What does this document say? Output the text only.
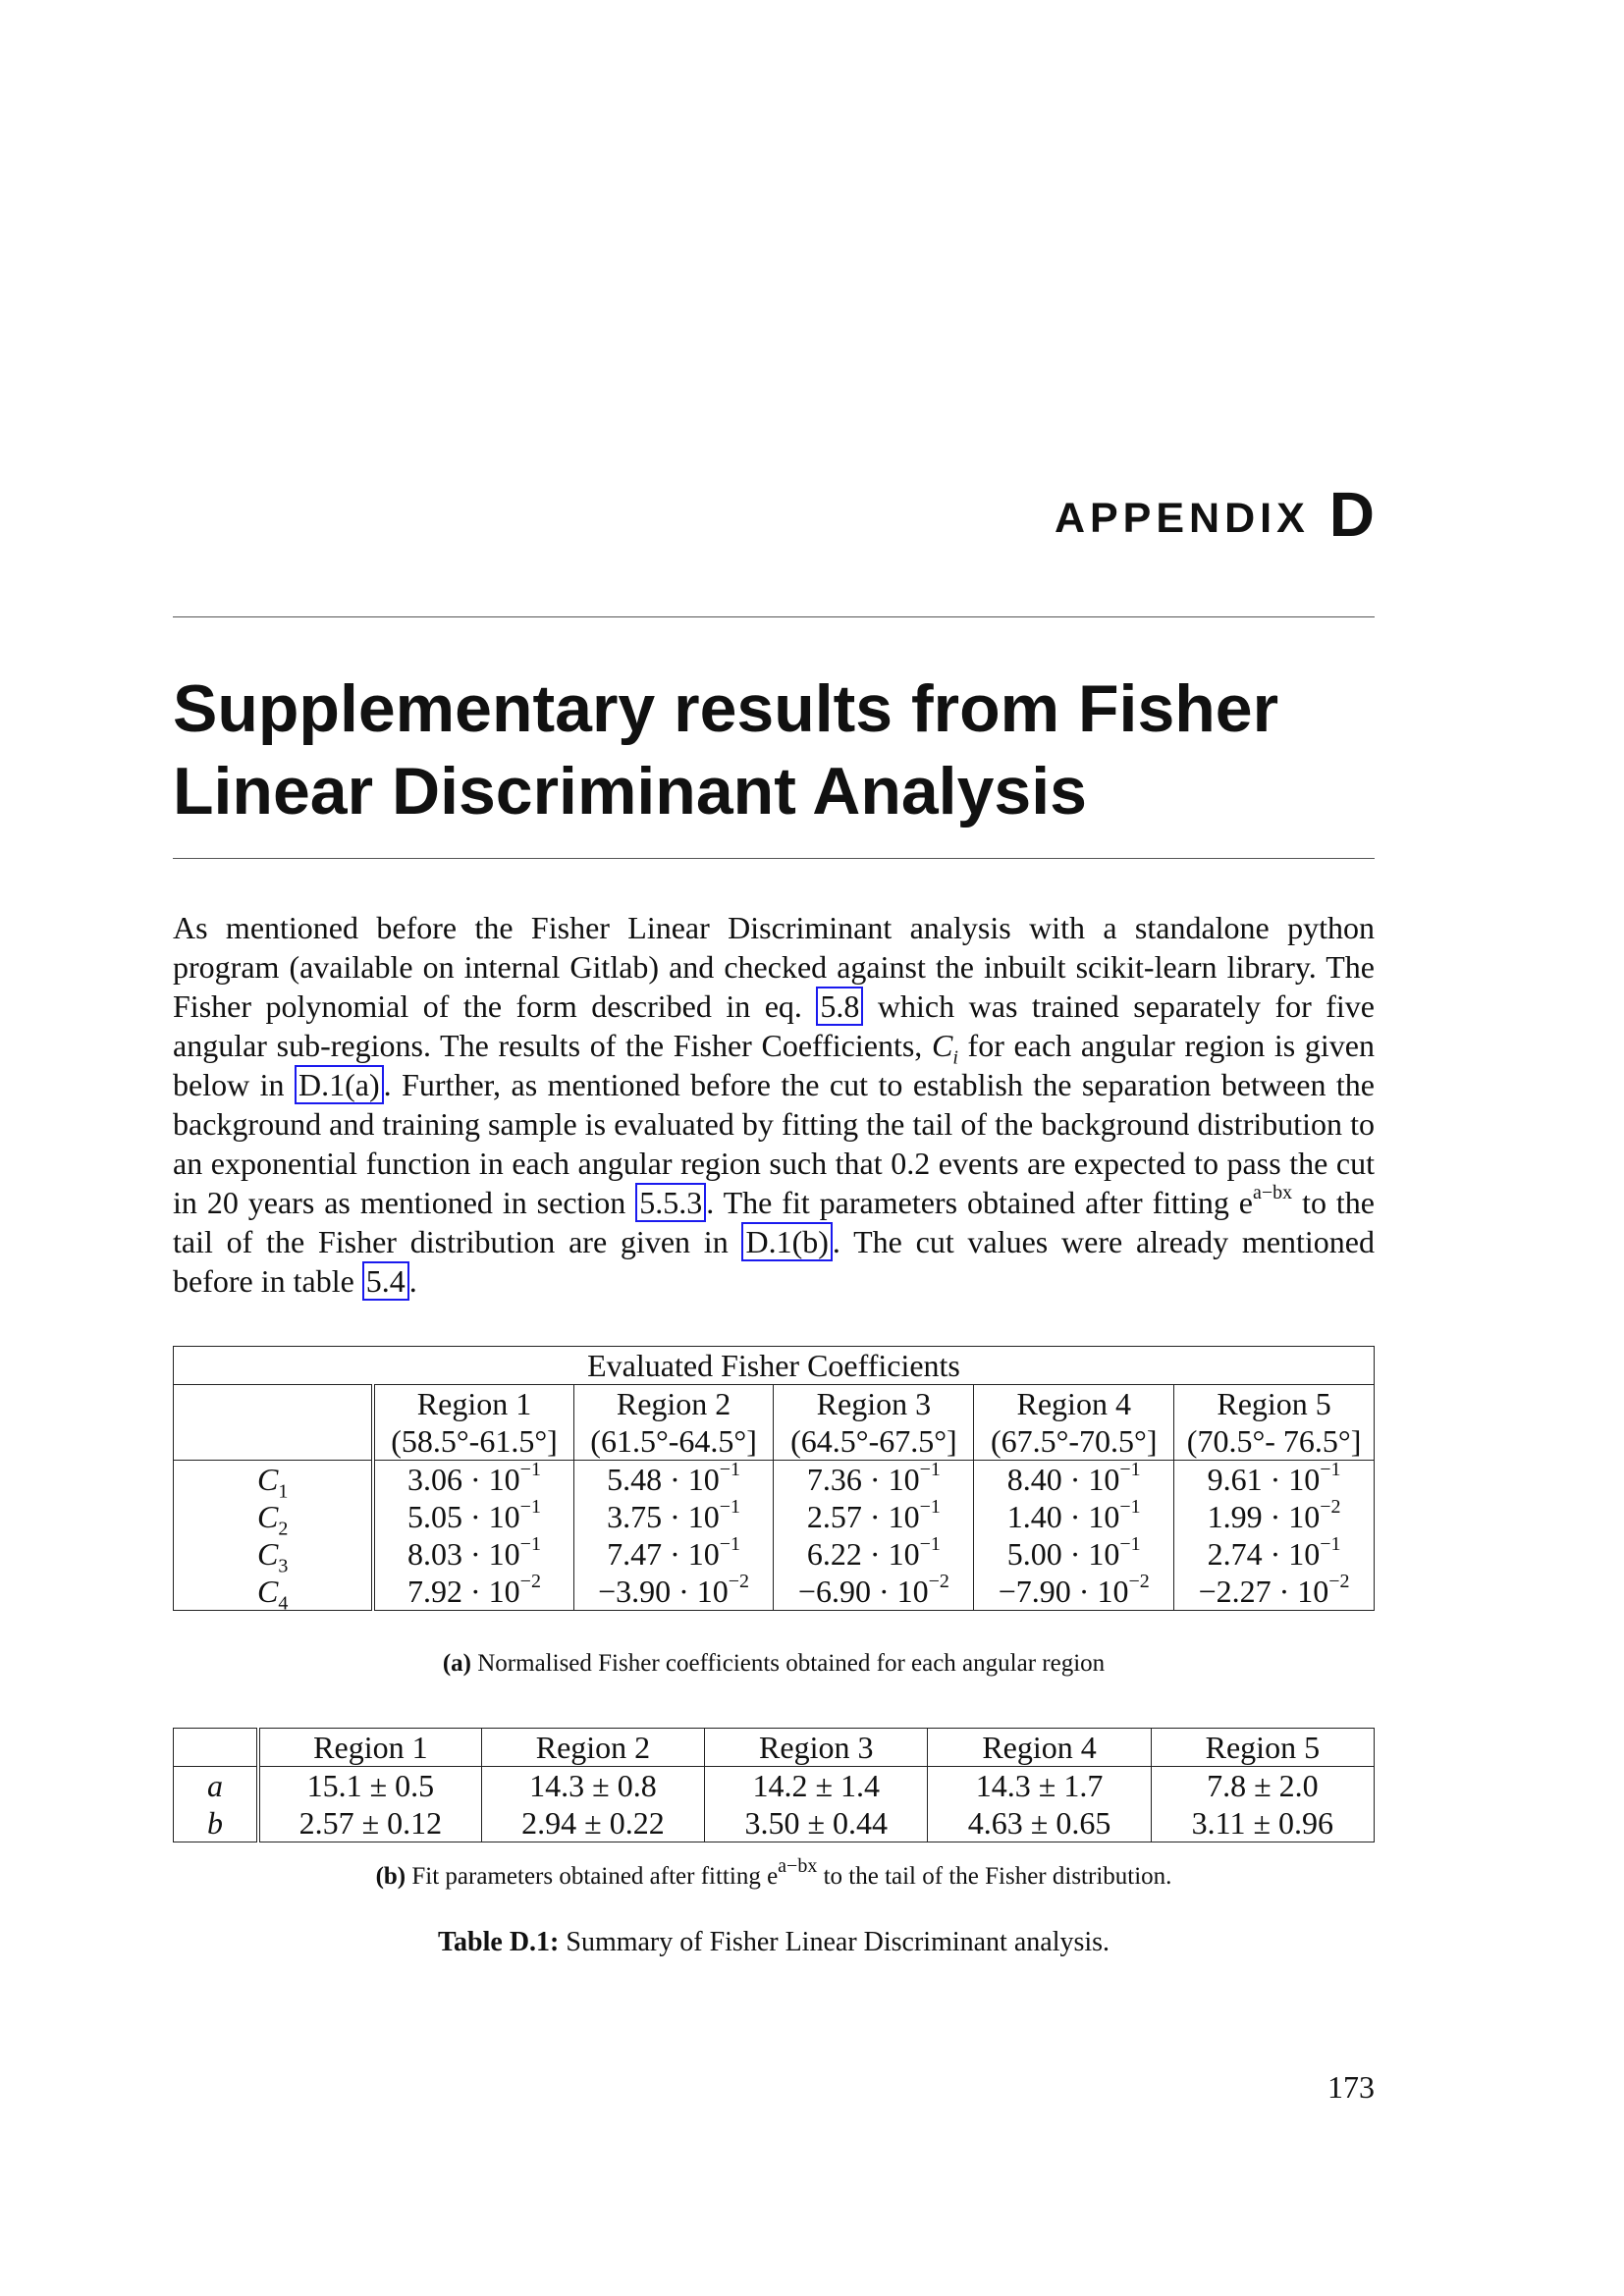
APPENDIX D
Supplementary results from Fisher Linear Discriminant Analysis

As mentioned before the Fisher Linear Discriminant analysis with a standalone python program (available on internal Gitlab) and checked against the inbuilt scikit-learn library. The Fisher polynomial of the form described in eq. 5.8 which was trained separately for five angular sub-regions. The results of the Fisher Coefficients, $C_i$ for each angular region is given below in D.1(a) . Further, as mentioned before the cut to establish the separation between the background and training sample is evaluated by fitting the tail of the background distribution to an exponential function in each angular region such that 0.2 events are expected to pass the cut in 20 years as mentioned in section 5.5.3 . The fit parameters obtained after fitting $e^{a-bx}$ to the tail of the Fisher distribution are given in D.1(b) . The cut values were already mentioned before in table 5.4 .

Evaluated Fisher Coefficients					
	Region 1	Region 2	Region 3	Region 4	Region 5
	(58.5°-61.5°]	(61.5°-64.5°]	(64.5°-67.5°]	(67.5°-70.5°]	(70.5°- 76.5°]
$C_1$	$3.06 \cdot 10^{-1}$	$5.48 \cdot 10^{-1}$	$7.36 \cdot 10^{-1}$	$8.40 \cdot 10^{-1}$	$9.61 \cdot 10^{-1}$
$C_2$	$5.05 \cdot 10^{-1}$	$3.75 \cdot 10^{-1}$	$2.57 \cdot 10^{-1}$	$1.40 \cdot 10^{-1}$	$1.99 \cdot 10^{-2}$
$C_3$	$8.03 \cdot 10^{-1}$	$7.47 \cdot 10^{-1}$	$6.22 \cdot 10^{-1}$	$5.00 \cdot 10^{-1}$	$2.74 \cdot 10^{-1}$
$C_4$	$7.92 \cdot 10^{-2}$	$-3.90 \cdot 10^{-2}$	$-6.90 \cdot 10^{-2}$	$-7.90 \cdot 10^{-2}$	$-2.27 \cdot 10^{-2}$

(a) Normalised Fisher coefficients obtained for each angular region

	Region 1	Region 2	Region 3	Region 4	Region 5
a	15.1 ± 0.5	14.3 ± 0.8	14.2 ± 1.4	14.3 ± 1.7	7.8 ± 2.0
b	2.57 ± 0.12	2.94 ± 0.22	3.50 ± 0.44	4.63 ± 0.65	3.11 ± 0.96

(b) Fit parameters obtained after fitting $e^{a-bx}$ to the tail of the Fisher distribution.

Table D.1: Summary of Fisher Linear Discriminant analysis.

173
